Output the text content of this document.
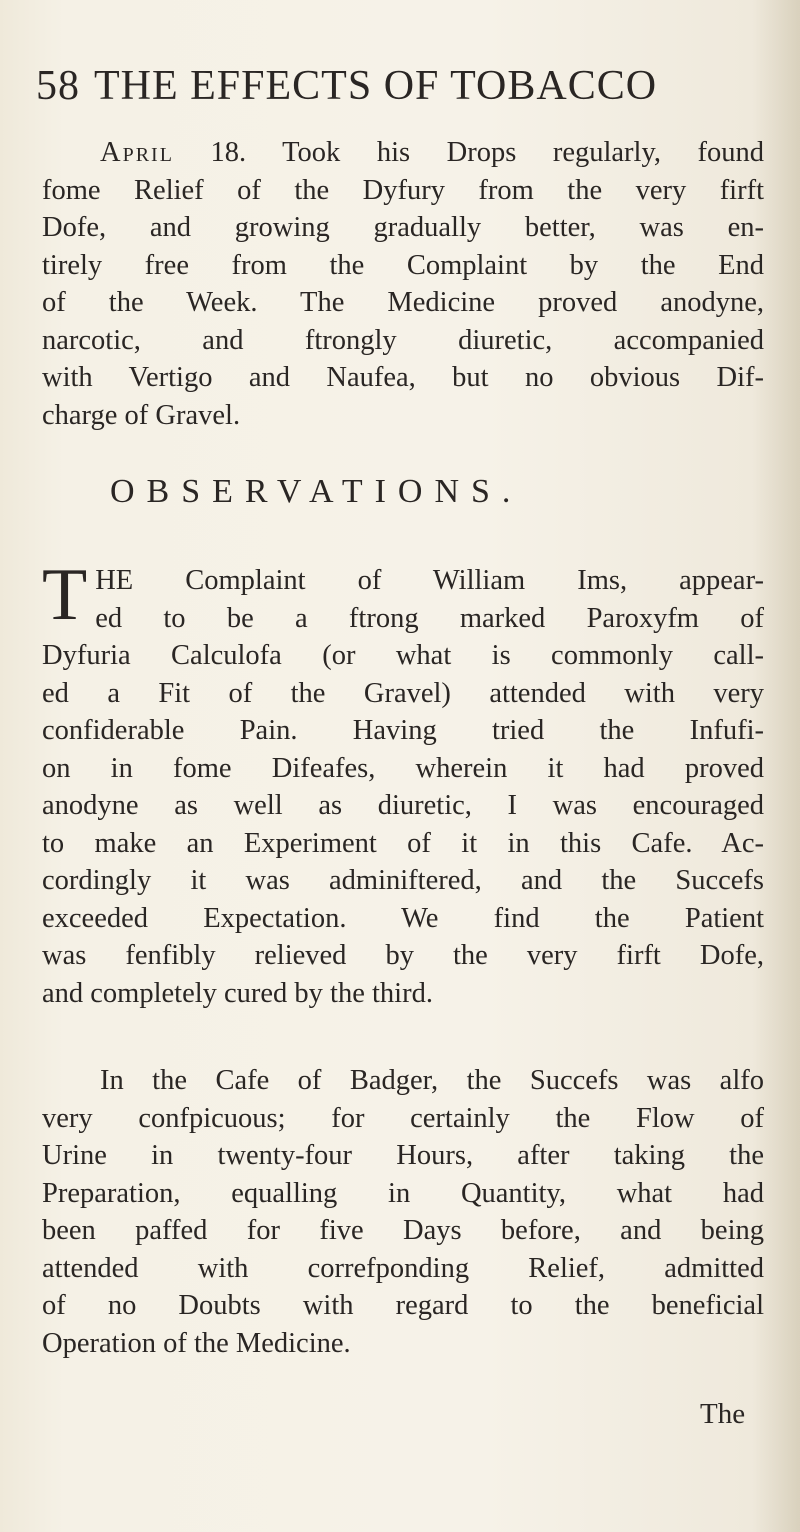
58 THE EFFECTS OF TOBACCO
April 18. Took his Drops regularly, found
fome Relief of the Dyfury from the very firft
Dofe, and growing gradually better, was en-
tirely free from the Complaint by the End
of the Week. The Medicine proved anodyne,
narcotic, and ftrongly diuretic, accompanied
with Vertigo and Naufea, but no obvious Dif-
charge of Gravel.
OBSERVATIONS.
T HE Complaint of William Ims, appear-
ed to be a ftrong marked Paroxyfm of
Dyfuria Calculofa (or what is commonly call-
ed a Fit of the Gravel) attended with very
confiderable Pain. Having tried the Infufi-
on in fome Difeafes, wherein it had proved
anodyne as well as diuretic, I was encouraged
to make an Experiment of it in this Cafe. Ac-
cordingly it was adminiftered, and the Succefs
exceeded Expectation. We find the Patient
was fenfibly relieved by the very firft Dofe,
and completely cured by the third.
In the Cafe of Badger, the Succefs was alfo
very confpicuous; for certainly the Flow of
Urine in twenty-four Hours, after taking the
Preparation, equalling in Quantity, what had
been paffed for five Days before, and being
attended with correfponding Relief, admitted
of no Doubts with regard to the beneficial
Operation of the Medicine.
The
